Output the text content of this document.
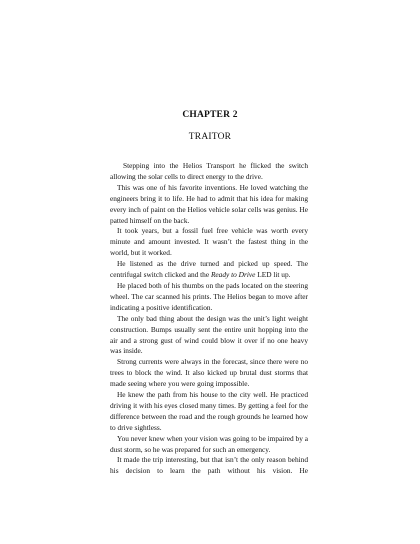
CHAPTER 2
TRAITOR

Stepping into the Helios Transport he flicked the switch allowing the solar cells to direct energy to the drive.

This was one of his favorite inventions. He loved watching the engineers bring it to life. He had to admit that his idea for making every inch of paint on the Helios vehicle solar cells was genius. He patted himself on the back.

It took years, but a fossil fuel free vehicle was worth every minute and amount invested. It wasn’t the fastest thing in the world, but it worked.

He listened as the drive turned and picked up speed. The centrifugal switch clicked and the Ready to Drive LED lit up.

He placed both of his thumbs on the pads located on the steering wheel. The car scanned his prints. The Helios began to move after indicating a positive identification.

The only bad thing about the design was the unit’s light weight construction. Bumps usually sent the entire unit hopping into the air and a strong gust of wind could blow it over if no one heavy was inside.

Strong currents were always in the forecast, since there were no trees to block the wind. It also kicked up brutal dust storms that made seeing where you were going impossible.

He knew the path from his house to the city well. He practiced driving it with his eyes closed many times. By getting a feel for the difference between the road and the rough grounds he learned how to drive sightless.

You never knew when your vision was going to be impaired by a dust storm, so he was prepared for such an emergency.

It made the trip interesting, but that isn’t the only reason behind his decision to learn the path without his vision. He
